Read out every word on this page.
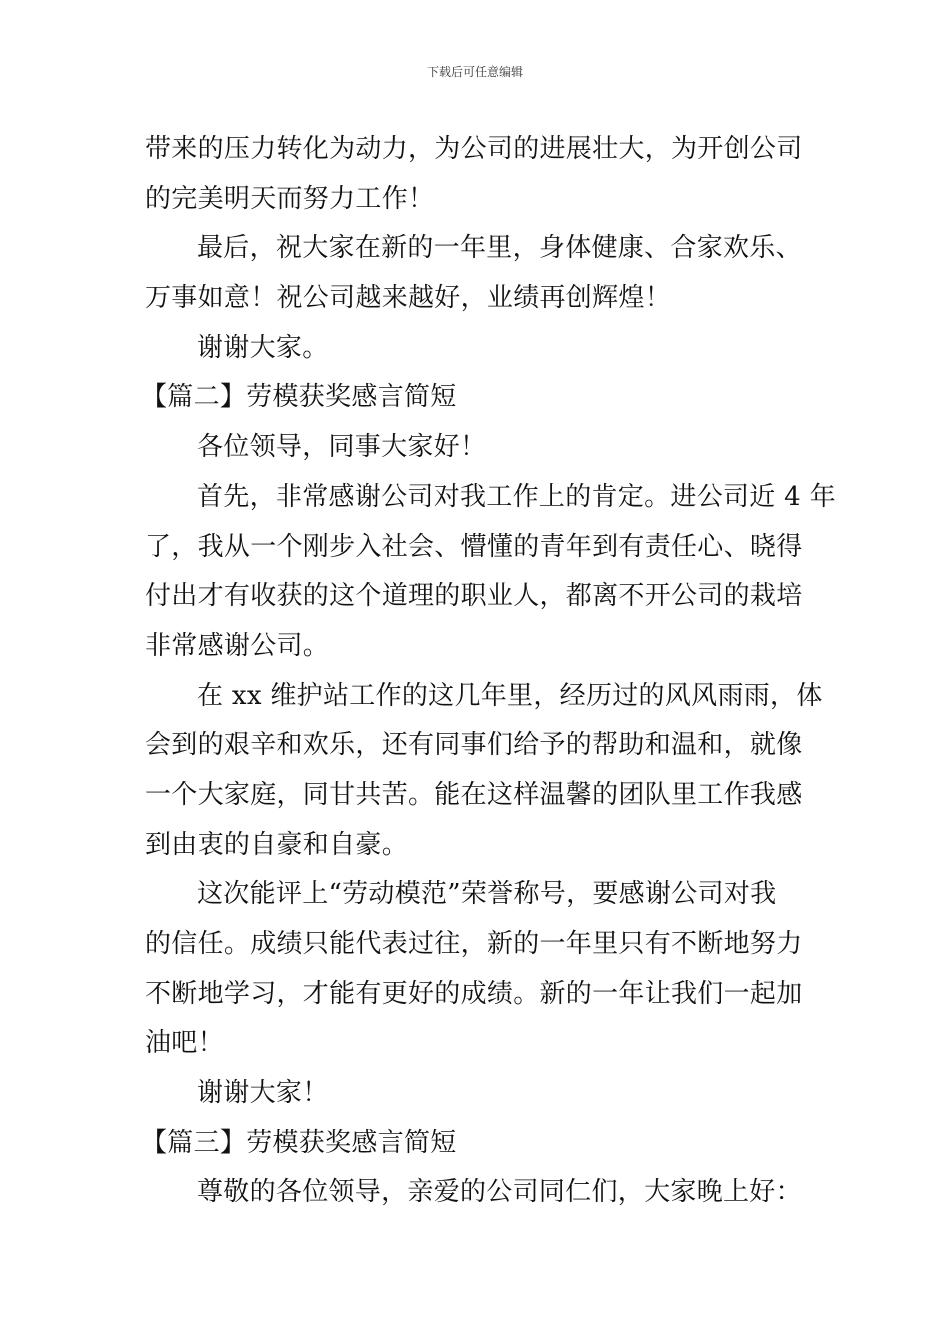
下载后可任意编辑
带来的压力转化为动力，为公司的进展壮大，为开创公司
的完美明天而努力工作！
最后，祝大家在新的一年里，身体健康、合家欢乐、
万事如意！祝公司越来越好，业绩再创辉煌！
谢谢大家。
【篇二】劳模获奖感言简短
各位领导，同事大家好！
首先，非常感谢公司对我工作上的肯定。进公司近 4 年
了，我从一个刚步入社会、懵懂的青年到有责任心、晓得
付出才有收获的这个道理的职业人，都离不开公司的栽培
非常感谢公司。
在 xx 维护站工作的这几年里，经历过的风风雨雨，体
会到的艰辛和欢乐，还有同事们给予的帮助和温和，就像
一个大家庭，同甘共苦。能在这样温馨的团队里工作我感
到由衷的自豪和自豪。
这次能评上“劳动模范”荣誉称号，要感谢公司对我
的信任。成绩只能代表过往，新的一年里只有不断地努力
不断地学习，才能有更好的成绩。新的一年让我们一起加
油吧！
谢谢大家！
【篇三】劳模获奖感言简短
尊敬的各位领导，亲爱的公司同仁们，大家晚上好：
